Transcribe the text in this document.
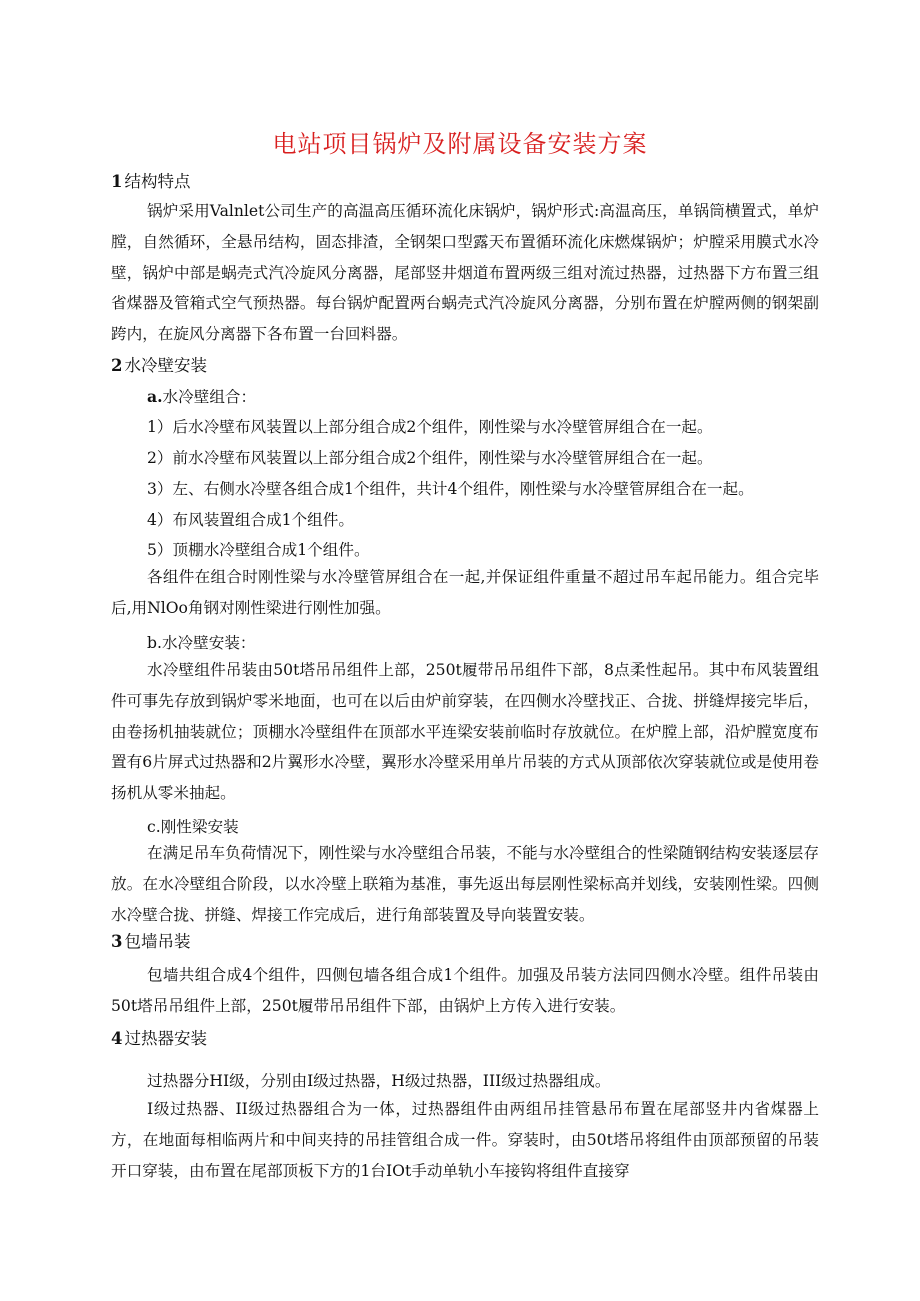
电站项目锅炉及附属设备安装方案
1 结构特点

锅炉采用Valnlet公司生产的高温高压循环流化床锅炉，锅炉形式:高温高压，单锅筒横置式，单炉膛，自然循环，全悬吊结构，固态排渣，全钢架口型露天布置循环流化床燃煤锅炉；炉膛采用膜式水冷壁，锅炉中部是蜗壳式汽冷旋风分离器，尾部竖井烟道布置两级三组对流过热器，过热器下方布置三组省煤器及管箱式空气预热器。每台锅炉配置两台蜗壳式汽冷旋风分离器，分别布置在炉膛两侧的钢架副跨内，在旋风分离器下各布置一台回料器。

2 水冷壁安装
a.水冷壁组合：
1）后水冷壁布风装置以上部分组合成2个组件，刚性梁与水冷壁管屏组合在一起。
2）前水冷壁布风装置以上部分组合成2个组件，刚性梁与水冷壁管屏组合在一起。
3）左、右侧水冷壁各组合成1个组件，共计4个组件，刚性梁与水冷壁管屏组合在一起。
4）布风装置组合成1个组件。
5）顶棚水冷壁组合成1个组件。

各组件在组合时刚性梁与水冷壁管屏组合在一起,并保证组件重量不超过吊车起吊能力。组合完毕后,用NlOo角钢对刚性梁进行刚性加强。

b.水冷壁安装：

水冷壁组件吊装由50t塔吊吊组件上部，250t履带吊吊组件下部，8点柔性起吊。其中布风装置组件可事先存放到锅炉零米地面，也可在以后由炉前穿装，在四侧水冷壁找正、合拢、拼缝焊接完毕后，由卷扬机抽装就位；顶棚水冷壁组件在顶部水平连梁安装前临时存放就位。在炉膛上部，沿炉膛宽度布置有6片屏式过热器和2片翼形水冷壁，翼形水冷壁采用单片吊装的方式从顶部依次穿装就位或是使用卷扬机从零米抽起。

c.刚性梁安装

在满足吊车负荷情况下，刚性梁与水冷壁组合吊装，不能与水冷壁组合的性梁随钢结构安装逐层存放。在水冷壁组合阶段，以水冷壁上联箱为基准，事先返出每层刚性梁标高并划线，安装刚性梁。四侧水冷壁合拢、拼缝、焊接工作完成后，进行角部装置及导向装置安装。

3 包墙吊装

包墙共组合成4个组件，四侧包墙各组合成1个组件。加强及吊装方法同四侧水冷壁。组件吊装由50t塔吊吊组件上部，250t履带吊吊组件下部，由锅炉上方传入进行安装。

4 过热器安装

过热器分HI级，分别由I级过热器，H级过热器，III级过热器组成。

I级过热器、II级过热器组合为一体，过热器组件由两组吊挂管悬吊布置在尾部竖井内省煤器上方，在地面每相临两片和中间夹持的吊挂管组合成一件。穿装时，由50t塔吊将组件由顶部预留的吊装开口穿装，由布置在尾部顶板下方的1台IOt手动单轨小车接钩将组件直接穿
